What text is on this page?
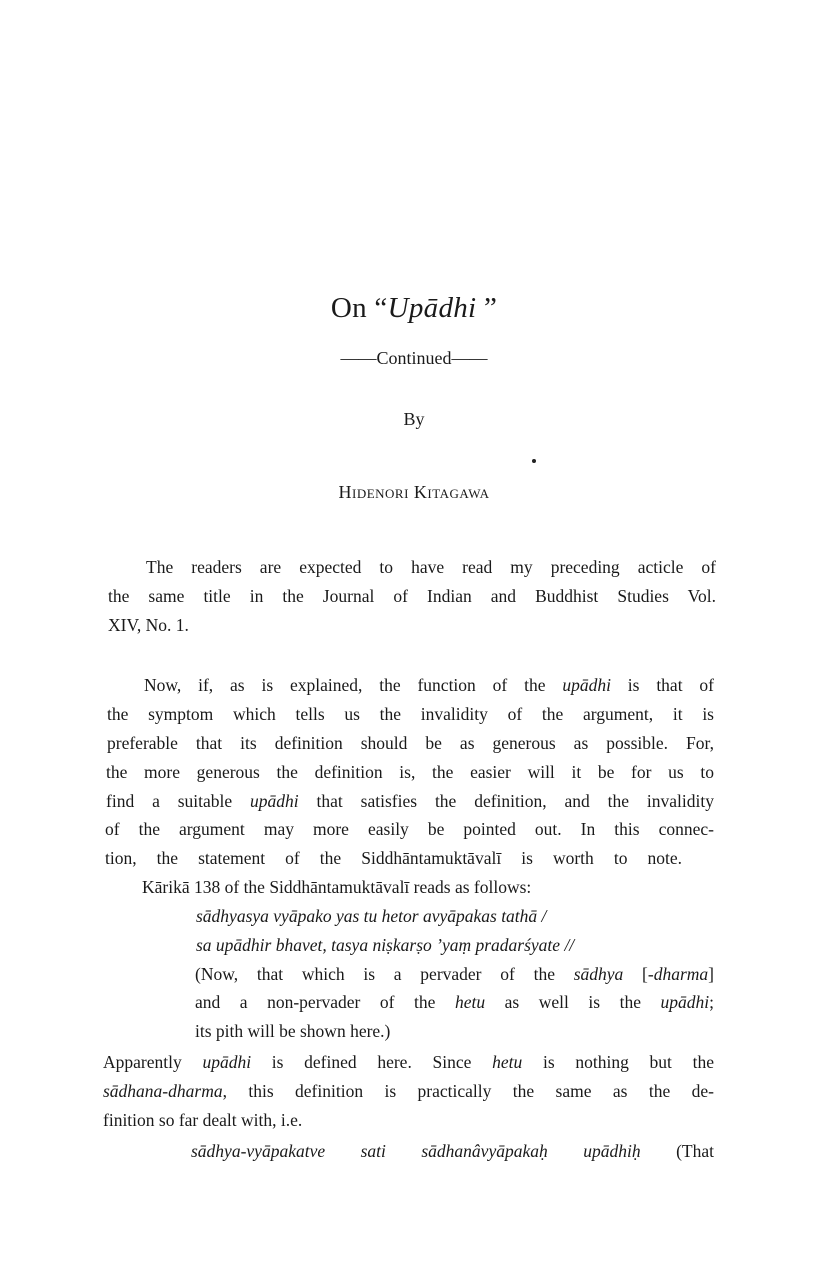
On “Upādhi ”
——Continued——
By
Hidenori Kitagawa
The readers are expected to have read my preceding acticle of
the same title in the Journal of Indian and Buddhist Studies Vol.
XIV, No. 1.
Now, if, as is explained, the function of the upādhi is that of
the symptom which tells us the invalidity of the argument, it is
preferable that its definition should be as generous as possible. For,
the more generous the definition is, the easier will it be for us to
find a suitable upādhi that satisfies the definition, and the invalidity
of the argument may more easily be pointed out. In this connec-
tion, the statement of the Siddhāntamuktāvalī is worth to note.
Kārikā 138 of the Siddhāntamuktāvalī reads as follows:
sādhyasya vyāpako yas tu hetor avyāpakas tathā /
sa upādhir bhavet, tasya niṣkarṣo ’yaṃ pradarśyate //
(Now, that which is a pervader of the sādhya [-dharma]
and a non-pervader of the hetu as well is the upādhi;
its pith will be shown here.)
Apparently upādhi is defined here. Since hetu is nothing but the
sādhana-dharma, this definition is practically the same as the de-
finition so far dealt with, i.e.
sādhya-vyāpakatve sati sādhanâvyāpakaḥ upādhiḥ (That
